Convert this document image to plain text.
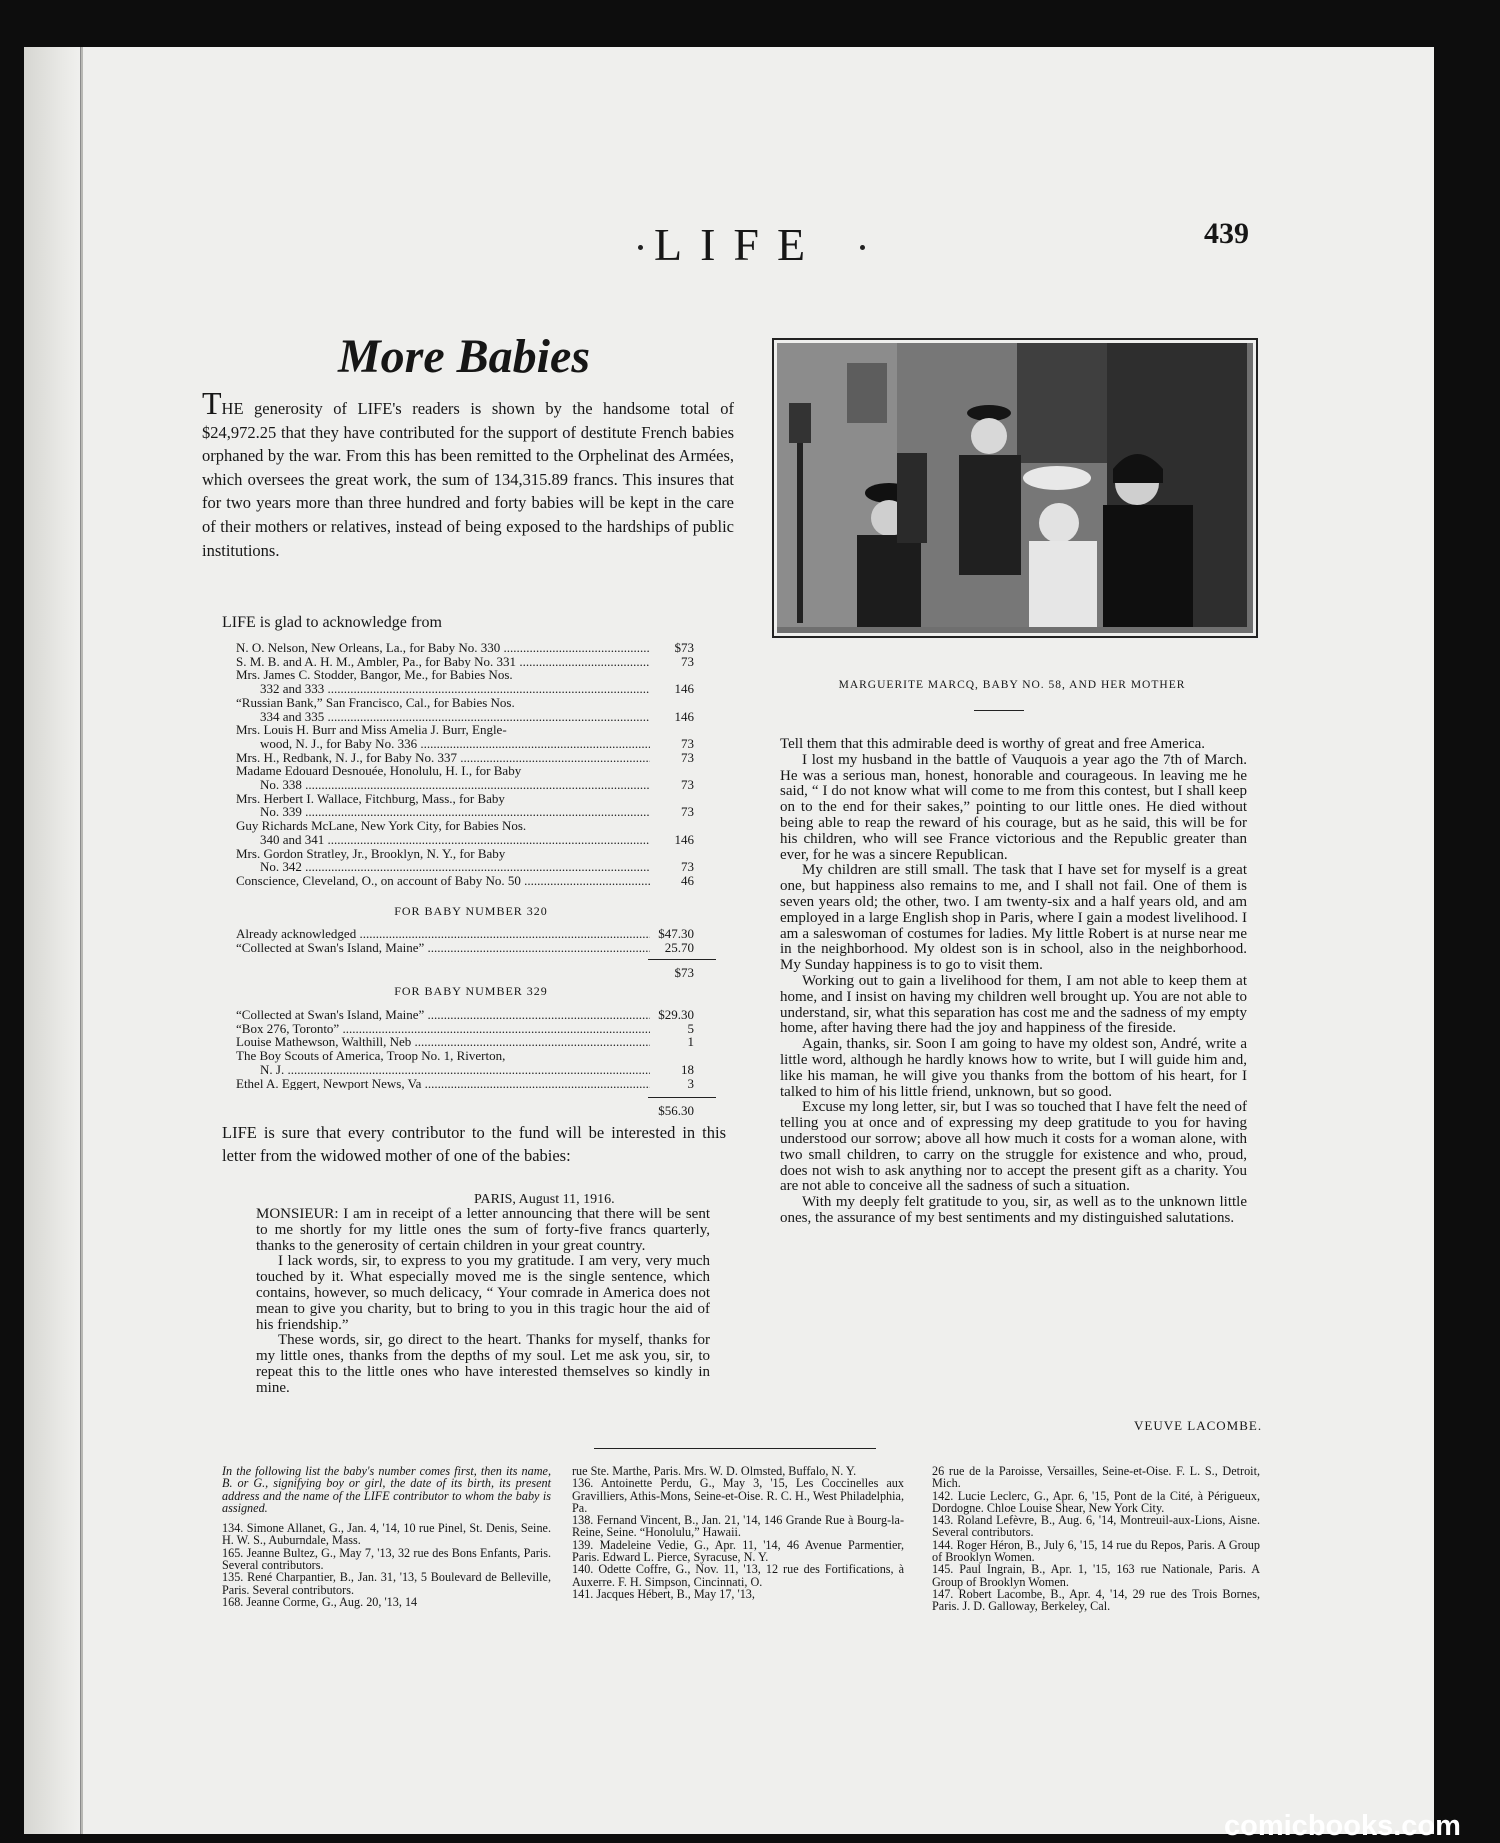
LIFE	439
More Babies
THE generosity of LIFE's readers is shown by the handsome total of $24,972.25 that they have contributed for the support of destitute French babies orphaned by the war. From this has been remitted to the Orphelinat des Armées, which oversees the great work, the sum of 134,315.89 francs. This insures that for two years more than three hundred and forty babies will be kept in the care of their mothers or relatives, instead of being exposed to the hardships of public institutions.
LIFE is glad to acknowledge from
N. O. Nelson, New Orleans, La., for Baby No. 330 .....	$73
S. M. B. and A. H. M., Ambler, Pa., for Baby No. 331 .....	73
Mrs. James C. Stodder, Bangor, Me., for Babies Nos.
332 and 333 .....	146
“Russian Bank,” San Francisco, Cal., for Babies Nos.
334 and 335 .....	146
Mrs. Louis H. Burr and Miss Amelia J. Burr, Engle-
wood, N. J., for Baby No. 336 .....	73
Mrs. H., Redbank, N. J., for Baby No. 337 .....	73
Madame Edouard Desnouée, Honolulu, H. I., for Baby
No. 338 .....	73
Mrs. Herbert I. Wallace, Fitchburg, Mass., for Baby
No. 339 .....	73
Guy Richards McLane, New York City, for Babies Nos.
340 and 341 .....	146
Mrs. Gordon Stratley, Jr., Brooklyn, N. Y., for Baby
No. 342 .....	73
Conscience, Cleveland, O., on account of Baby No. 50 .....	46
FOR BABY NUMBER 320
Already acknowledged .....	$47.30
“Collected at Swan's Island, Maine” .....	25.70
$73
FOR BABY NUMBER 329
“Collected at Swan's Island, Maine” .....	$29.30
“Box 276, Toronto” .....	5
Louise Mathewson, Walthill, Neb .....	1
The Boy Scouts of America, Troop No. 1, Riverton,
N. J. .....	18
Ethel A. Eggert, Newport News, Va .....	3
$56.30
LIFE is sure that every contributor to the fund will be interested in this letter from the widowed mother of one of the babies:
PARIS, August 11, 1916.

MONSIEUR: I am in receipt of a letter announcing that there will be sent to me shortly for my little ones the sum of forty-five francs quarterly, thanks to the generosity of certain children in your great country.

I lack words, sir, to express to you my gratitude. I am very, very much touched by it. What especially moved me is the single sentence, which contains, however, so much delicacy, “ Your comrade in America does not mean to give you charity, but to bring to you in this tragic hour the aid of his friendship.”

These words, sir, go direct to the heart. Thanks for myself, thanks for my little ones, thanks from the depths of my soul. Let me ask you, sir, to repeat this to the little ones who have interested themselves so kindly in mine.

MARGUERITE MARCQ, BABY NO. 58, AND HER MOTHER

Tell them that this admirable deed is worthy of great and free America.

I lost my husband in the battle of Vauquois a year ago the 7th of March. He was a serious man, honest, honorable and courageous. In leaving me he said, “ I do not know what will come to me from this contest, but I shall keep on to the end for their sakes,” pointing to our little ones. He died without being able to reap the reward of his courage, but as he said, this will be for his children, who will see France victorious and the Republic greater than ever, for he was a sincere Republican.

My children are still small. The task that I have set for myself is a great one, but happiness also remains to me, and I shall not fail. One of them is seven years old; the other, two. I am twenty-six and a half years old, and am employed in a large English shop in Paris, where I gain a modest livelihood. I am a saleswoman of costumes for ladies. My little Robert is at nurse near me in the neighborhood. My oldest son is in school, also in the neighborhood. My Sunday happiness is to go to visit them.

Working out to gain a livelihood for them, I am not able to keep them at home, and I insist on having my children well brought up. You are not able to understand, sir, what this separation has cost me and the sadness of my empty home, after having there had the joy and happiness of the fireside.

Again, thanks, sir. Soon I am going to have my oldest son, André, write a little word, although he hardly knows how to write, but I will guide him and, like his maman, he will give you thanks from the bottom of his heart, for I talked to him of his little friend, unknown, but so good.

Excuse my long letter, sir, but I was so touched that I have felt the need of telling you at once and of expressing my deep gratitude to you for having understood our sorrow; above all how much it costs for a woman alone, with two small children, to carry on the struggle for existence and who, proud, does not wish to ask anything nor to accept the present gift as a charity. You are not able to conceive all the sadness of such a situation.

With my deeply felt gratitude to you, sir, as well as to the unknown little ones, the assurance of my best sentiments and my distinguished salutations.

VEUVE LACOMBE.

In the following list the baby's number comes first, then its name, B. or G., signifying boy or girl, the date of its birth, its present address and the name of the LIFE contributor to whom the baby is assigned.

134. Simone Allanet, G., Jan. 4, '14, 10 rue Pinel, St. Denis, Seine. H. W. S., Auburndale, Mass.

165. Jeanne Bultez, G., May 7, '13, 32 rue des Bons Enfants, Paris. Several contributors.

135. René Charpantier, B., Jan. 31, '13, 5 Boulevard de Belleville, Paris. Several contributors.

168. Jeanne Corme, G., Aug. 20, '13, 14

rue Ste. Marthe, Paris. Mrs. W. D. Olmsted, Buffalo, N. Y.

136. Antoinette Perdu, G., May 3, '15, Les Coccinelles aux Gravilliers, Athis-Mons, Seine-et-Oise. R. C. H., West Philadelphia, Pa.

138. Fernand Vincent, B., Jan. 21, '14, 146 Grande Rue à Bourg-la-Reine, Seine. “Honolulu,” Hawaii.

139. Madeleine Vedie, G., Apr. 11, '14, 46 Avenue Parmentier, Paris. Edward L. Pierce, Syracuse, N. Y.

140. Odette Coffre, G., Nov. 11, '13, 12 rue des Fortifications, à Auxerre. F. H. Simpson, Cincinnati, O.

141. Jacques Hébert, B., May 17, '13,

26 rue de la Paroisse, Versailles, Seine-et-Oise. F. L. S., Detroit, Mich.

142. Lucie Leclerc, G., Apr. 6, '15, Pont de la Cité, à Périgueux, Dordogne. Chloe Louise Shear, New York City.

143. Roland Lefèvre, B., Aug. 6, '14, Montreuil-aux-Lions, Aisne. Several contributors.

144. Roger Héron, B., July 6, '15, 14 rue du Repos, Paris. A Group of Brooklyn Women.

145. Paul Ingrain, B., Apr. 1, '15, 163 rue Nationale, Paris. A Group of Brooklyn Women.

147. Robert Lacombe, B., Apr. 4, '14, 29 rue des Trois Bornes, Paris. J. D. Galloway, Berkeley, Cal.

comicbooks.com
